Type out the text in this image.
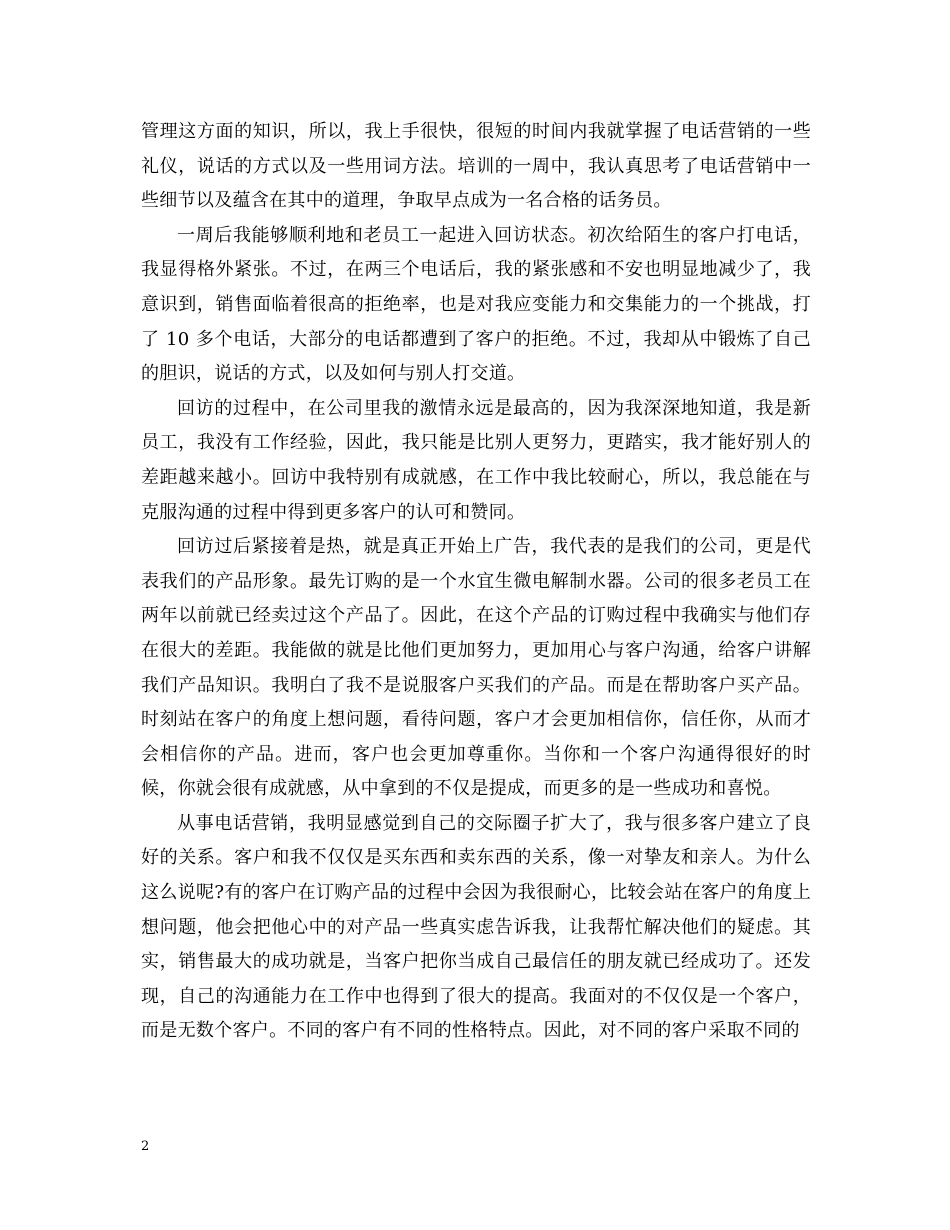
管理这方面的知识，所以，我上手很快，很短的时间内我就掌握了电话营销的一些礼仪，说话的方式以及一些用词方法。培训的一周中，我认真思考了电话营销中一些细节以及蕴含在其中的道理，争取早点成为一名合格的话务员。

一周后我能够顺利地和老员工一起进入回访状态。初次给陌生的客户打电话，我显得格外紧张。不过，在两三个电话后，我的紧张感和不安也明显地减少了，我意识到，销售面临着很高的拒绝率，也是对我应变能力和交集能力的一个挑战，打了 10 多个电话，大部分的电话都遭到了客户的拒绝。不过，我却从中锻炼了自己的胆识，说话的方式，以及如何与别人打交道。

回访的过程中，在公司里我的激情永远是最高的，因为我深深地知道，我是新员工，我没有工作经验，因此，我只能是比别人更努力，更踏实，我才能好别人的差距越来越小。回访中我特别有成就感，在工作中我比较耐心，所以，我总能在与克服沟通的过程中得到更多客户的认可和赞同。

回访过后紧接着是热，就是真正开始上广告，我代表的是我们的公司，更是代表我们的产品形象。最先订购的是一个水宜生微电解制水器。公司的很多老员工在两年以前就已经卖过这个产品了。因此，在这个产品的订购过程中我确实与他们存在很大的差距。我能做的就是比他们更加努力，更加用心与客户沟通，给客户讲解我们产品知识。我明白了我不是说服客户买我们的产品。而是在帮助客户买产品。时刻站在客户的角度上想问题，看待问题，客户才会更加相信你，信任你，从而才会相信你的产品。进而，客户也会更加尊重你。当你和一个客户沟通得很好的时候，你就会很有成就感，从中拿到的不仅是提成，而更多的是一些成功和喜悦。

从事电话营销，我明显感觉到自己的交际圈子扩大了，我与很多客户建立了良好的关系。客户和我不仅仅是买东西和卖东西的关系，像一对挚友和亲人。为什么这么说呢?有的客户在订购产品的过程中会因为我很耐心，比较会站在客户的角度上想问题，他会把他心中的对产品一些真实虑告诉我，让我帮忙解决他们的疑虑。其实，销售最大的成功就是，当客户把你当成自己最信任的朋友就已经成功了。还发现，自己的沟通能力在工作中也得到了很大的提高。我面对的不仅仅是一个客户，而是无数个客户。不同的客户有不同的性格特点。因此，对不同的客户采取不同的

2
